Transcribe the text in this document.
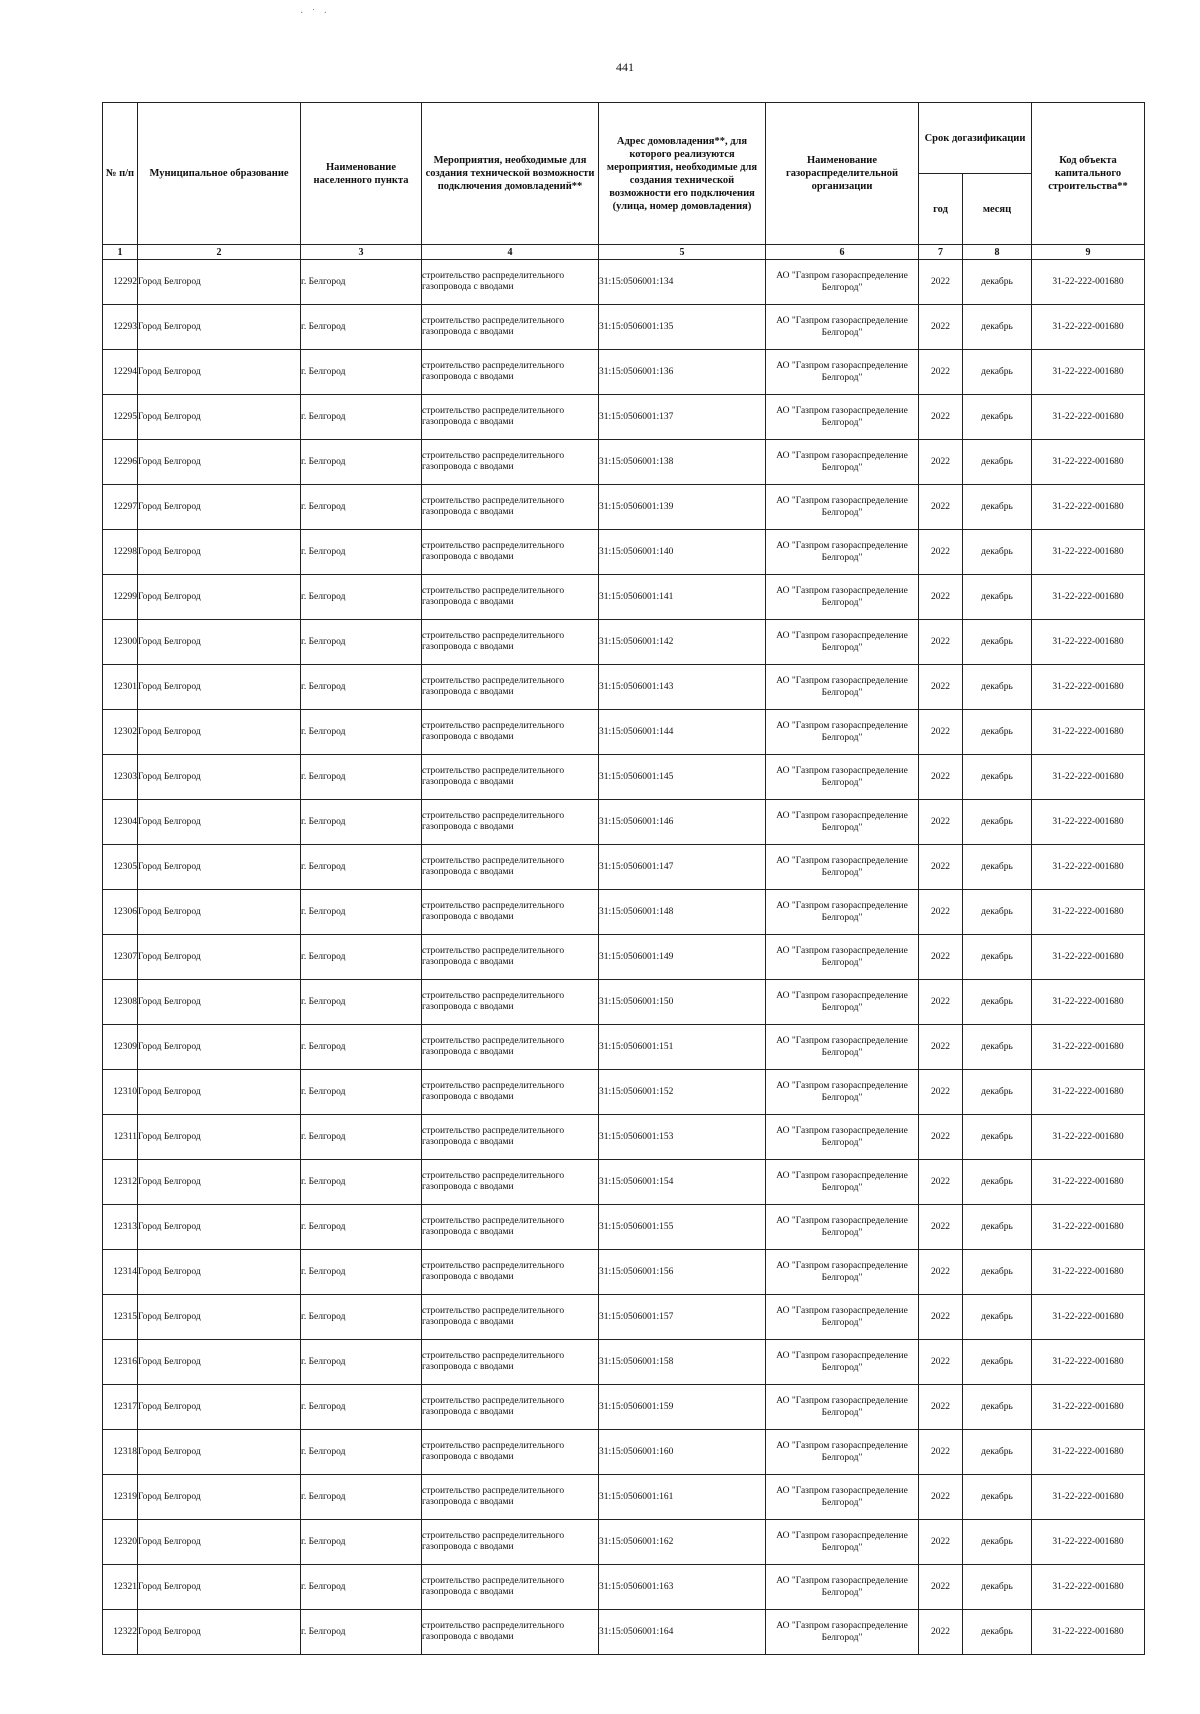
· ˙ ·
441
№ п/п	Муниципальное образование	Наименование населенного пункта	Мероприятия, необходимые для создания технической возможности подключения домовладений**	Адрес домовладения**, для которого реализуются мероприятия, необходимые для создания технической возможности его подключения (улица, номер домовладения)	Наименование газораспределительной организации	Срок догазификации		Код объекта капитального строительства**
						год	месяц	
1	2	3	4	5	6	7	8	9
12292	Город Белгород	г. Белгород	строительство распределительного газопровода с вводами	31:15:0506001:134	АО "Газпром газораспределение Белгород"	2022	декабрь	31-22-222-001680
12293	Город Белгород	г. Белгород	строительство распределительного газопровода с вводами	31:15:0506001:135	АО "Газпром газораспределение Белгород"	2022	декабрь	31-22-222-001680
12294	Город Белгород	г. Белгород	строительство распределительного газопровода с вводами	31:15:0506001:136	АО "Газпром газораспределение Белгород"	2022	декабрь	31-22-222-001680
12295	Город Белгород	г. Белгород	строительство распределительного газопровода с вводами	31:15:0506001:137	АО "Газпром газораспределение Белгород"	2022	декабрь	31-22-222-001680
12296	Город Белгород	г. Белгород	строительство распределительного газопровода с вводами	31:15:0506001:138	АО "Газпром газораспределение Белгород"	2022	декабрь	31-22-222-001680
12297	Город Белгород	г. Белгород	строительство распределительного газопровода с вводами	31:15:0506001:139	АО "Газпром газораспределение Белгород"	2022	декабрь	31-22-222-001680
12298	Город Белгород	г. Белгород	строительство распределительного газопровода с вводами	31:15:0506001:140	АО "Газпром газораспределение Белгород"	2022	декабрь	31-22-222-001680
12299	Город Белгород	г. Белгород	строительство распределительного газопровода с вводами	31:15:0506001:141	АО "Газпром газораспределение Белгород"	2022	декабрь	31-22-222-001680
12300	Город Белгород	г. Белгород	строительство распределительного газопровода с вводами	31:15:0506001:142	АО "Газпром газораспределение Белгород"	2022	декабрь	31-22-222-001680
12301	Город Белгород	г. Белгород	строительство распределительного газопровода с вводами	31:15:0506001:143	АО "Газпром газораспределение Белгород"	2022	декабрь	31-22-222-001680
12302	Город Белгород	г. Белгород	строительство распределительного газопровода с вводами	31:15:0506001:144	АО "Газпром газораспределение Белгород"	2022	декабрь	31-22-222-001680
12303	Город Белгород	г. Белгород	строительство распределительного газопровода с вводами	31:15:0506001:145	АО "Газпром газораспределение Белгород"	2022	декабрь	31-22-222-001680
12304	Город Белгород	г. Белгород	строительство распределительного газопровода с вводами	31:15:0506001:146	АО "Газпром газораспределение Белгород"	2022	декабрь	31-22-222-001680
12305	Город Белгород	г. Белгород	строительство распределительного газопровода с вводами	31:15:0506001:147	АО "Газпром газораспределение Белгород"	2022	декабрь	31-22-222-001680
12306	Город Белгород	г. Белгород	строительство распределительного газопровода с вводами	31:15:0506001:148	АО "Газпром газораспределение Белгород"	2022	декабрь	31-22-222-001680
12307	Город Белгород	г. Белгород	строительство распределительного газопровода с вводами	31:15:0506001:149	АО "Газпром газораспределение Белгород"	2022	декабрь	31-22-222-001680
12308	Город Белгород	г. Белгород	строительство распределительного газопровода с вводами	31:15:0506001:150	АО "Газпром газораспределение Белгород"	2022	декабрь	31-22-222-001680
12309	Город Белгород	г. Белгород	строительство распределительного газопровода с вводами	31:15:0506001:151	АО "Газпром газораспределение Белгород"	2022	декабрь	31-22-222-001680
12310	Город Белгород	г. Белгород	строительство распределительного газопровода с вводами	31:15:0506001:152	АО "Газпром газораспределение Белгород"	2022	декабрь	31-22-222-001680
12311	Город Белгород	г. Белгород	строительство распределительного газопровода с вводами	31:15:0506001:153	АО "Газпром газораспределение Белгород"	2022	декабрь	31-22-222-001680
12312	Город Белгород	г. Белгород	строительство распределительного газопровода с вводами	31:15:0506001:154	АО "Газпром газораспределение Белгород"	2022	декабрь	31-22-222-001680
12313	Город Белгород	г. Белгород	строительство распределительного газопровода с вводами	31:15:0506001:155	АО "Газпром газораспределение Белгород"	2022	декабрь	31-22-222-001680
12314	Город Белгород	г. Белгород	строительство распределительного газопровода с вводами	31:15:0506001:156	АО "Газпром газораспределение Белгород"	2022	декабрь	31-22-222-001680
12315	Город Белгород	г. Белгород	строительство распределительного газопровода с вводами	31:15:0506001:157	АО "Газпром газораспределение Белгород"	2022	декабрь	31-22-222-001680
12316	Город Белгород	г. Белгород	строительство распределительного газопровода с вводами	31:15:0506001:158	АО "Газпром газораспределение Белгород"	2022	декабрь	31-22-222-001680
12317	Город Белгород	г. Белгород	строительство распределительного газопровода с вводами	31:15:0506001:159	АО "Газпром газораспределение Белгород"	2022	декабрь	31-22-222-001680
12318	Город Белгород	г. Белгород	строительство распределительного газопровода с вводами	31:15:0506001:160	АО "Газпром газораспределение Белгород"	2022	декабрь	31-22-222-001680
12319	Город Белгород	г. Белгород	строительство распределительного газопровода с вводами	31:15:0506001:161	АО "Газпром газораспределение Белгород"	2022	декабрь	31-22-222-001680
12320	Город Белгород	г. Белгород	строительство распределительного газопровода с вводами	31:15:0506001:162	АО "Газпром газораспределение Белгород"	2022	декабрь	31-22-222-001680
12321	Город Белгород	г. Белгород	строительство распределительного газопровода с вводами	31:15:0506001:163	АО "Газпром газораспределение Белгород"	2022	декабрь	31-22-222-001680
12322	Город Белгород	г. Белгород	строительство распределительного газопровода с вводами	31:15:0506001:164	АО "Газпром газораспределение Белгород"	2022	декабрь	31-22-222-001680
